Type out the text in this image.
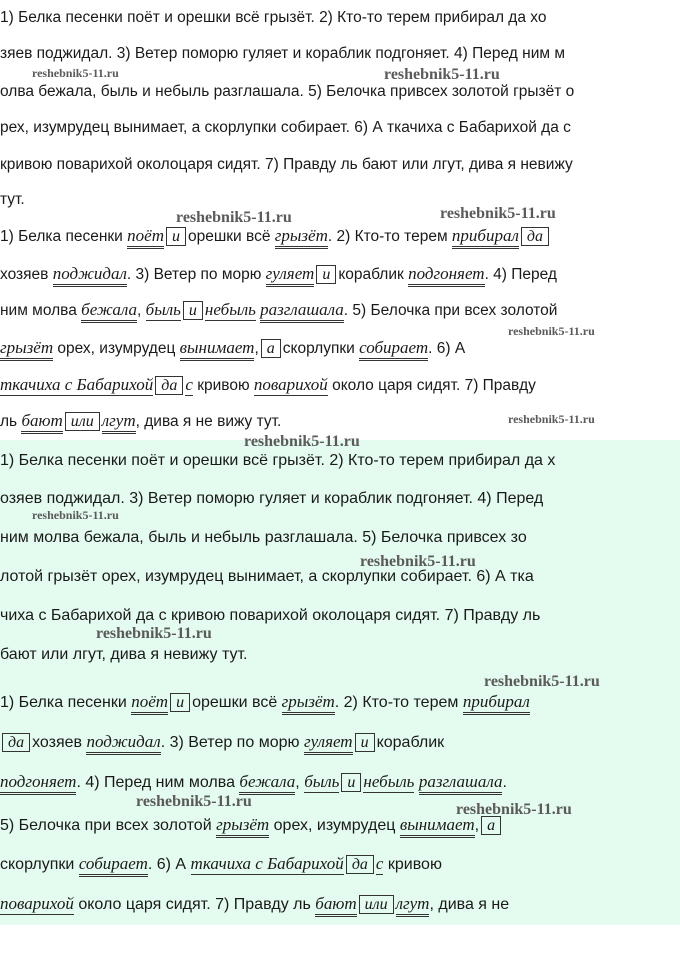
1) Белка песенки поёт и орешки всё грызёт. 2) Кто-то терем прибирал да хо
зяев поджидал. 3) Ветер поморю гуляет и кораблик подгоняет. 4) Перед ним м
олва бежала, быль и небыль разглашала. 5) Белочка привсех золотой грызёт о
рех, изумрудец вынимает, а скорлупки собирает. 6) А ткачиха с Бабарихой да с
кривою поварихой околоцаря сидят. 7) Правду ль бают или лгут, дива я невижу
тут.
1) Белка песенки поёт и орешки всё грызёт. 2) Кто-то терем прибирал да
хозяев поджидал. 3) Ветер по морю гуляет и кораблик подгоняет. 4) Перед
ним молва бежала, быль и небыль разглашала. 5) Белочка при всех золотой
грызёт орех, изумрудец вынимает, а скорлупки собирает. 6) А
ткачиха с Бабарихой да с кривою поварихой около царя сидят. 7) Правду
ль бают или лгут, дива я не вижу тут.
1) Белка песенки поёт и орешки всё грызёт. 2) Кто-то терем прибирал да х
озяев поджидал. 3) Ветер поморю гуляет и кораблик подгоняет. 4) Перед
ним молва бежала, быль и небыль разглашала. 5) Белочка привсех зо
лотой грызёт орех, изумрудец вынимает, а скорлупки собирает. 6) А тка
чиха с Бабарихой да с кривою поварихой околоцаря сидят. 7) Правду ль
бают или лгут, дива я невижу тут.
1) Белка песенки поёт и орешки всё грызёт. 2) Кто-то терем прибирал
да хозяев поджидал. 3) Ветер по морю гуляет и кораблик
подгоняет. 4) Перед ним молва бежала, быль и небыль разглашала.
5) Белочка при всех золотой грызёт орех, изумрудец вынимает, а
скорлупки собирает. 6) А ткачиха с Бабарихой да с кривою
поварихой около царя сидят. 7) Правду ль бают или лгут, дива я не
reshebnik5-11.ru	reshebnik5-11.ru
reshebnik5-11.ru	reshebnik5-11.ru
reshebnik5-11.ru
reshebnik5-11.ru
reshebnik5-11.ru
reshebnik5-11.ru
reshebnik5-11.ru
reshebnik5-11.ru
reshebnik5-11.ru
reshebnik5-11.ru	reshebnik5-11.ru
